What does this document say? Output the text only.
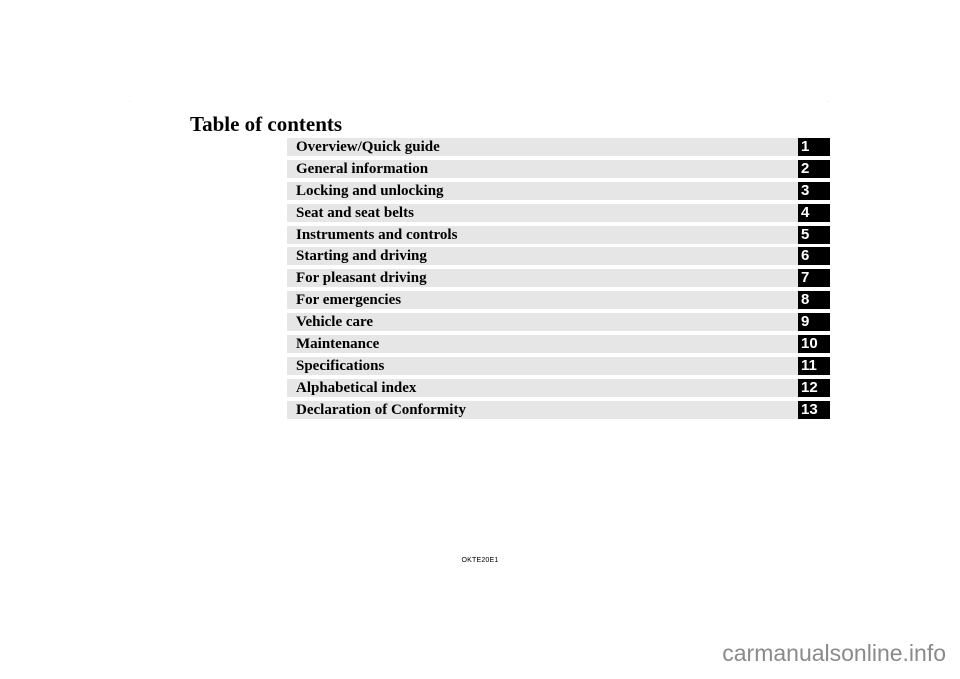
.	.
Table of contents
Overview/Quick guide	1
General information	2
Locking and unlocking	3
Seat and seat belts	4
Instruments and controls	5
Starting and driving	6
For pleasant driving	7
For emergencies	8
Vehicle care	9
Maintenance	10
Specifications	11
Alphabetical index	12
Declaration of Conformity	13
OKTE20E1
carmanualsonline.info
